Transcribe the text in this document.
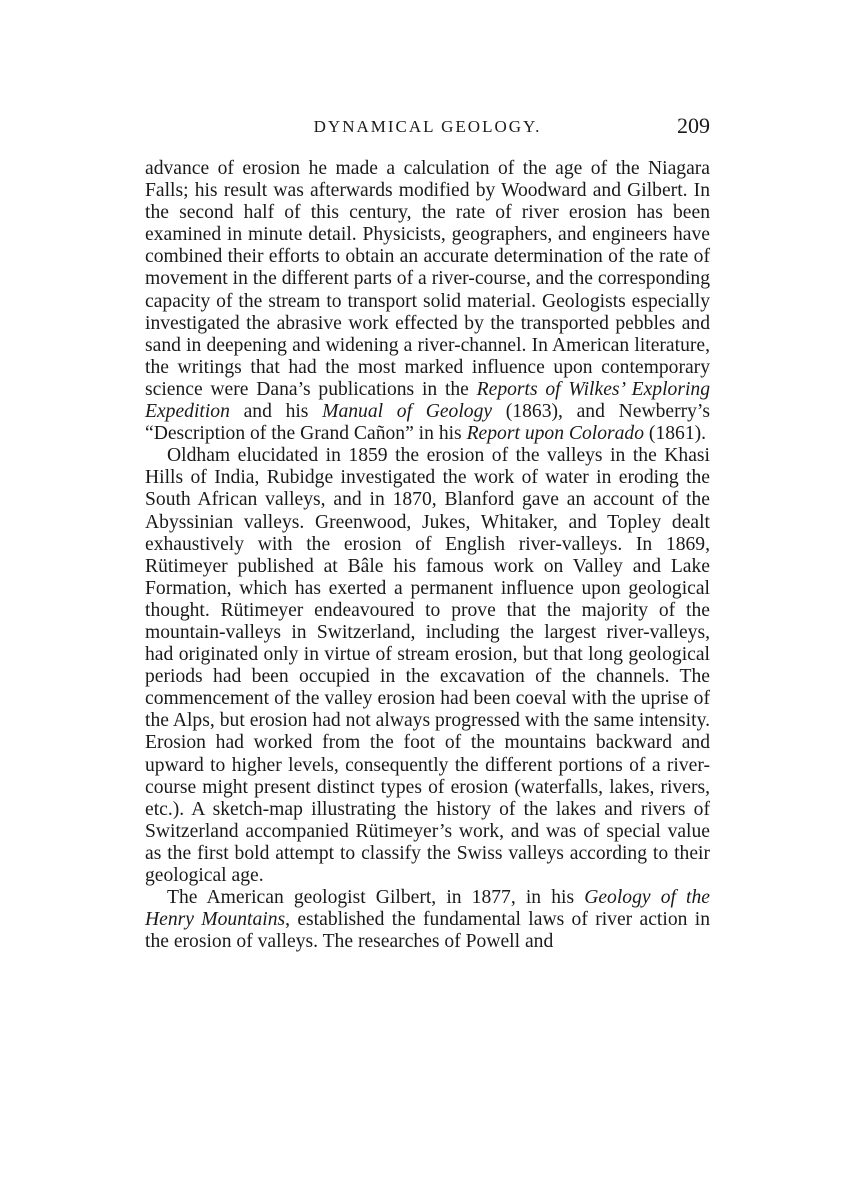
DYNAMICAL GEOLOGY.	209

advance of erosion he made a calculation of the age of the Niagara Falls; his result was afterwards modified by Woodward and Gilbert. In the second half of this century, the rate of river erosion has been examined in minute detail. Physicists, geographers, and engineers have combined their efforts to obtain an accurate determination of the rate of movement in the different parts of a river-course, and the corresponding capacity of the stream to transport solid material. Geologists especially investigated the abrasive work effected by the transported pebbles and sand in deepening and widening a river-channel. In American literature, the writings that had the most marked influence upon contemporary science were Dana’s publications in the Reports of Wilkes’ Exploring Expedition and his Manual of Geology (1863), and Newberry’s “Description of the Grand Cañon” in his Report upon Colorado (1861).

Oldham elucidated in 1859 the erosion of the valleys in the Khasi Hills of India, Rubidge investigated the work of water in eroding the South African valleys, and in 1870, Blanford gave an account of the Abyssinian valleys. Greenwood, Jukes, Whitaker, and Topley dealt exhaustively with the erosion of English river-valleys. In 1869, Rütimeyer published at Bâle his famous work on Valley and Lake Formation, which has exerted a permanent influence upon geological thought. Rütimeyer endeavoured to prove that the majority of the mountain-valleys in Switzerland, including the largest river-valleys, had originated only in virtue of stream erosion, but that long geological periods had been occupied in the excavation of the channels. The commencement of the valley erosion had been coeval with the uprise of the Alps, but erosion had not always progressed with the same intensity. Erosion had worked from the foot of the mountains backward and upward to higher levels, consequently the different portions of a river-course might present distinct types of erosion (waterfalls, lakes, rivers, etc.). A sketch-map illustrating the history of the lakes and rivers of Switzerland accompanied Rütimeyer’s work, and was of special value as the first bold attempt to classify the Swiss valleys according to their geological age.

The American geologist Gilbert, in 1877, in his Geology of the Henry Mountains, established the fundamental laws of river action in the erosion of valleys. The researches of Powell and
